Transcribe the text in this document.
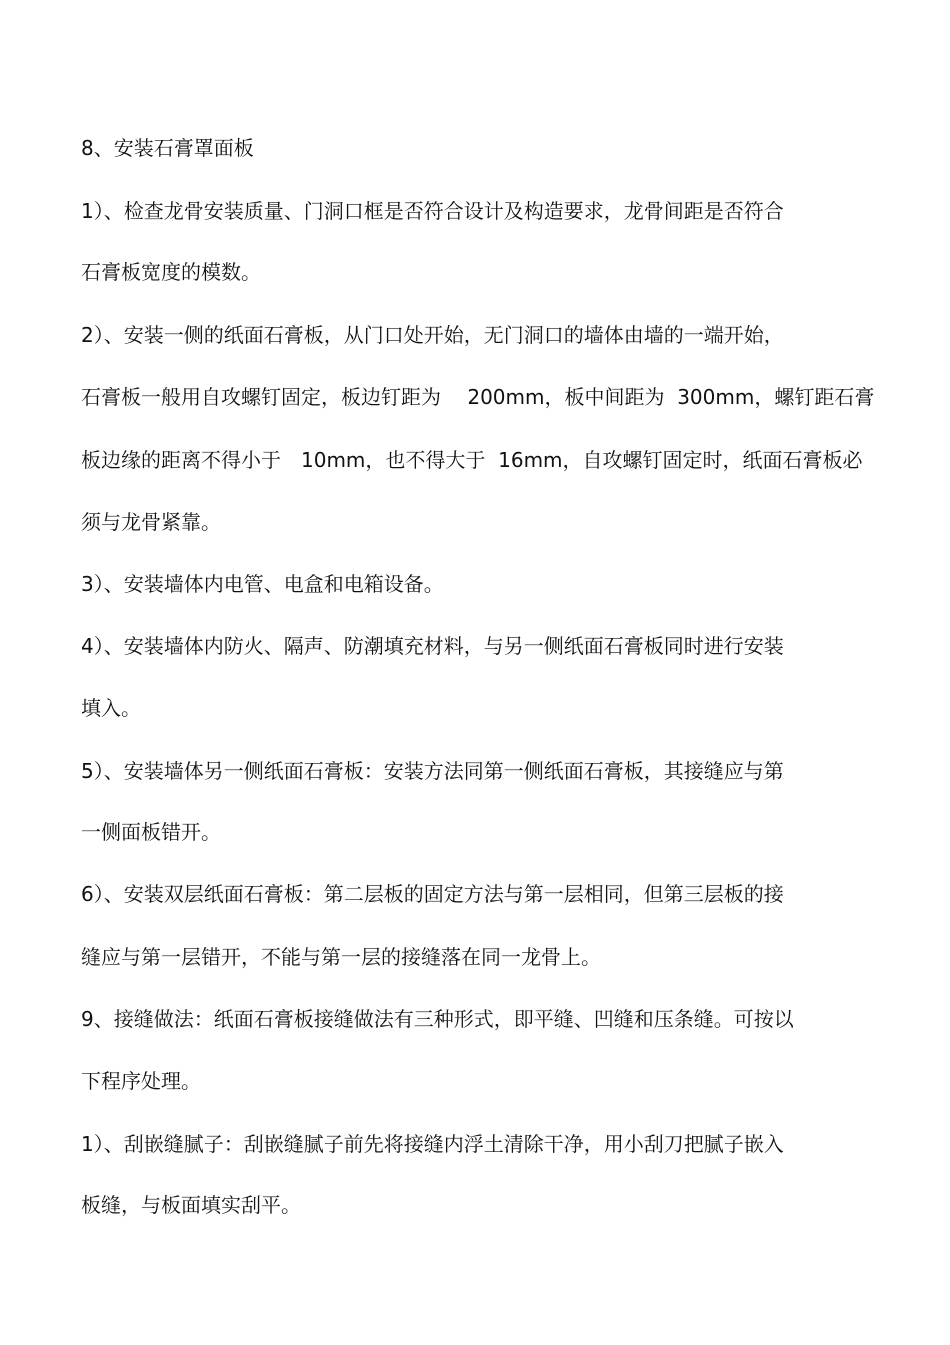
8、安装石膏罩面板
1）、检查龙骨安装质量、门洞口框是否符合设计及构造要求，龙骨间距是否符合
石膏板宽度的模数。
2）、安装一侧的纸面石膏板，从门口处开始，无门洞口的墙体由墙的一端开始，
石膏板一般用自攻螺钉固定，板边钉距为　 200mm，板中间距为  300mm，螺钉距石膏
板边缘的距离不得小于　10mm，也不得大于  16mm，自攻螺钉固定时，纸面石膏板必
须与龙骨紧靠。
3）、安装墙体内电管、电盒和电箱设备。
4）、安装墙体内防火、隔声、防潮填充材料，与另一侧纸面石膏板同时进行安装
填入。
5）、安装墙体另一侧纸面石膏板：安装方法同第一侧纸面石膏板，其接缝应与第
一侧面板错开。
6）、安装双层纸面石膏板：第二层板的固定方法与第一层相同，但第三层板的接
缝应与第一层错开，不能与第一层的接缝落在同一龙骨上。
9、接缝做法：纸面石膏板接缝做法有三种形式，即平缝、凹缝和压条缝。可按以
下程序处理。
1）、刮嵌缝腻子：刮嵌缝腻子前先将接缝内浮土清除干净，用小刮刀把腻子嵌入
板缝，与板面填实刮平。
